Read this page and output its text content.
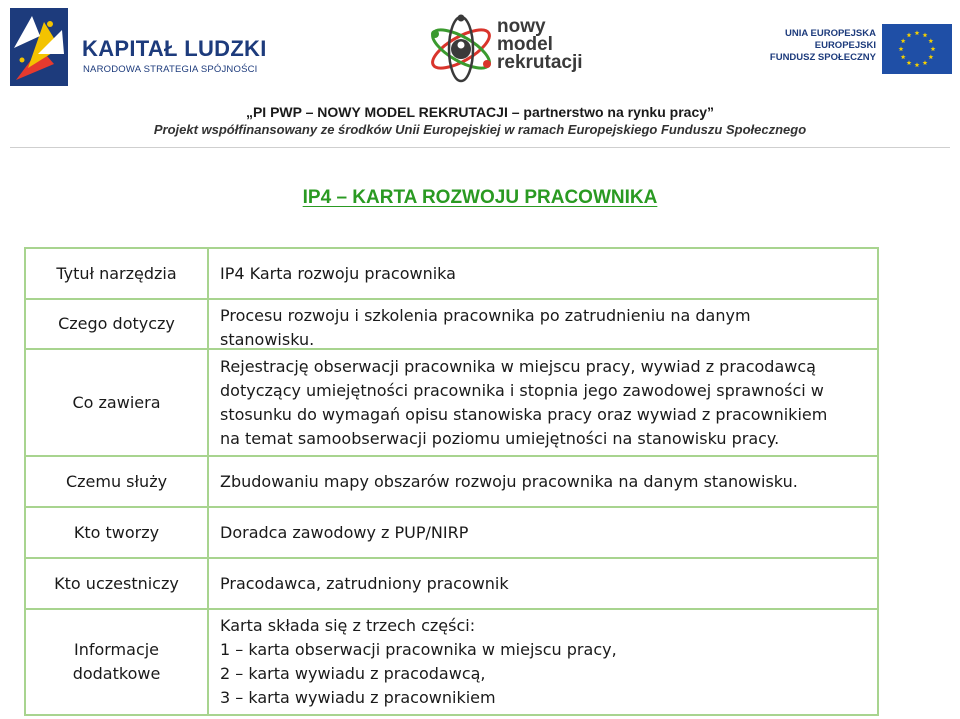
KAPITAŁ LUDZKI
NARODOWA STRATEGIA SPÓJNOŚCI
nowy
model
rekrutacji
UNIA EUROPEJSKA
EUROPEJSKI
FUNDUSZ SPOŁECZNY
„PI PWP – NOWY MODEL REKRUTACJI – partnerstwo na rynku pracy”
Projekt współfinansowany ze środków Unii Europejskiej w ramach Europejskiego Funduszu Społecznego
IP4 – KARTA ROZWOJU PRACOWNIKA
Tytuł narzędzia	IP4 Karta rozwoju pracownika

Czego dotyczy	Procesu rozwoju i szkolenia pracownika po zatrudnieniu na danym
stanowisku.

Co zawiera	Rejestrację obserwacji pracownika w miejscu pracy, wywiad z pracodawcą
dotyczący umiejętności pracownika i stopnia jego zawodowej sprawności w
stosunku do wymagań opisu stanowiska pracy oraz wywiad z pracownikiem
na temat samoobserwacji poziomu umiejętności na stanowisku pracy.

Czemu służy	Zbudowaniu mapy obszarów rozwoju pracownika na danym stanowisku.

Kto tworzy	Doradca zawodowy z PUP/NIRP

Kto uczestniczy	Pracodawca, zatrudniony pracownik

Informacje
dodatkowe	Karta składa się z trzech części:
1 – karta obserwacji pracownika w miejscu pracy,
2 – karta wywiadu z pracodawcą,
3 – karta wywiadu z pracownikiem
